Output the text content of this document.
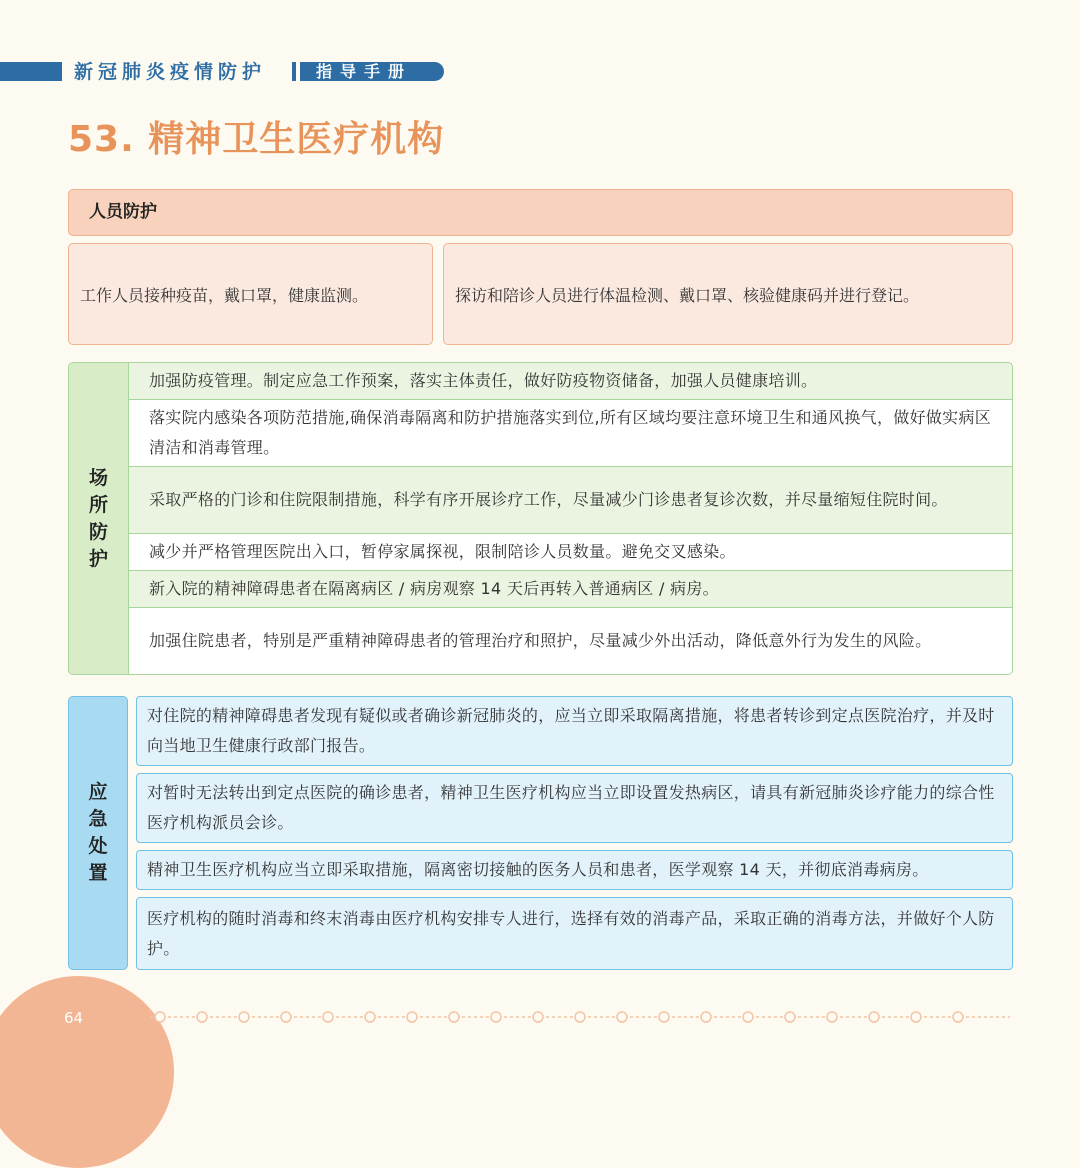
新冠肺炎疫情防护	指导手册
53. 精神卫生医疗机构
人员防护
工作人员接种疫苗，戴口罩，健康监测。	探访和陪诊人员进行体温检测、戴口罩、核验健康码并进行登记。
场所防护
加强防疫管理。制定应急工作预案，落实主体责任，做好防疫物资储备，加强人员健康培训。
落实院内感染各项防范措施,确保消毒隔离和防护措施落实到位,所有区域均要注意环境卫生和通风换气，做好做实病区清洁和消毒管理。
采取严格的门诊和住院限制措施，科学有序开展诊疗工作，尽量减少门诊患者复诊次数，并尽量缩短住院时间。
减少并严格管理医院出入口，暂停家属探视，限制陪诊人员数量。避免交叉感染。
新入院的精神障碍患者在隔离病区 / 病房观察 14 天后再转入普通病区 / 病房。
加强住院患者，特别是严重精神障碍患者的管理治疗和照护，尽量减少外出活动，降低意外行为发生的风险。
应急处置
对住院的精神障碍患者发现有疑似或者确诊新冠肺炎的，应当立即采取隔离措施，将患者转诊到定点医院治疗，并及时向当地卫生健康行政部门报告。
对暂时无法转出到定点医院的确诊患者，精神卫生医疗机构应当立即设置发热病区，请具有新冠肺炎诊疗能力的综合性医疗机构派员会诊。
精神卫生医疗机构应当立即采取措施，隔离密切接触的医务人员和患者，医学观察 14 天，并彻底消毒病房。
医疗机构的随时消毒和终末消毒由医疗机构安排专人进行，选择有效的消毒产品，采取正确的消毒方法，并做好个人防护。
64
